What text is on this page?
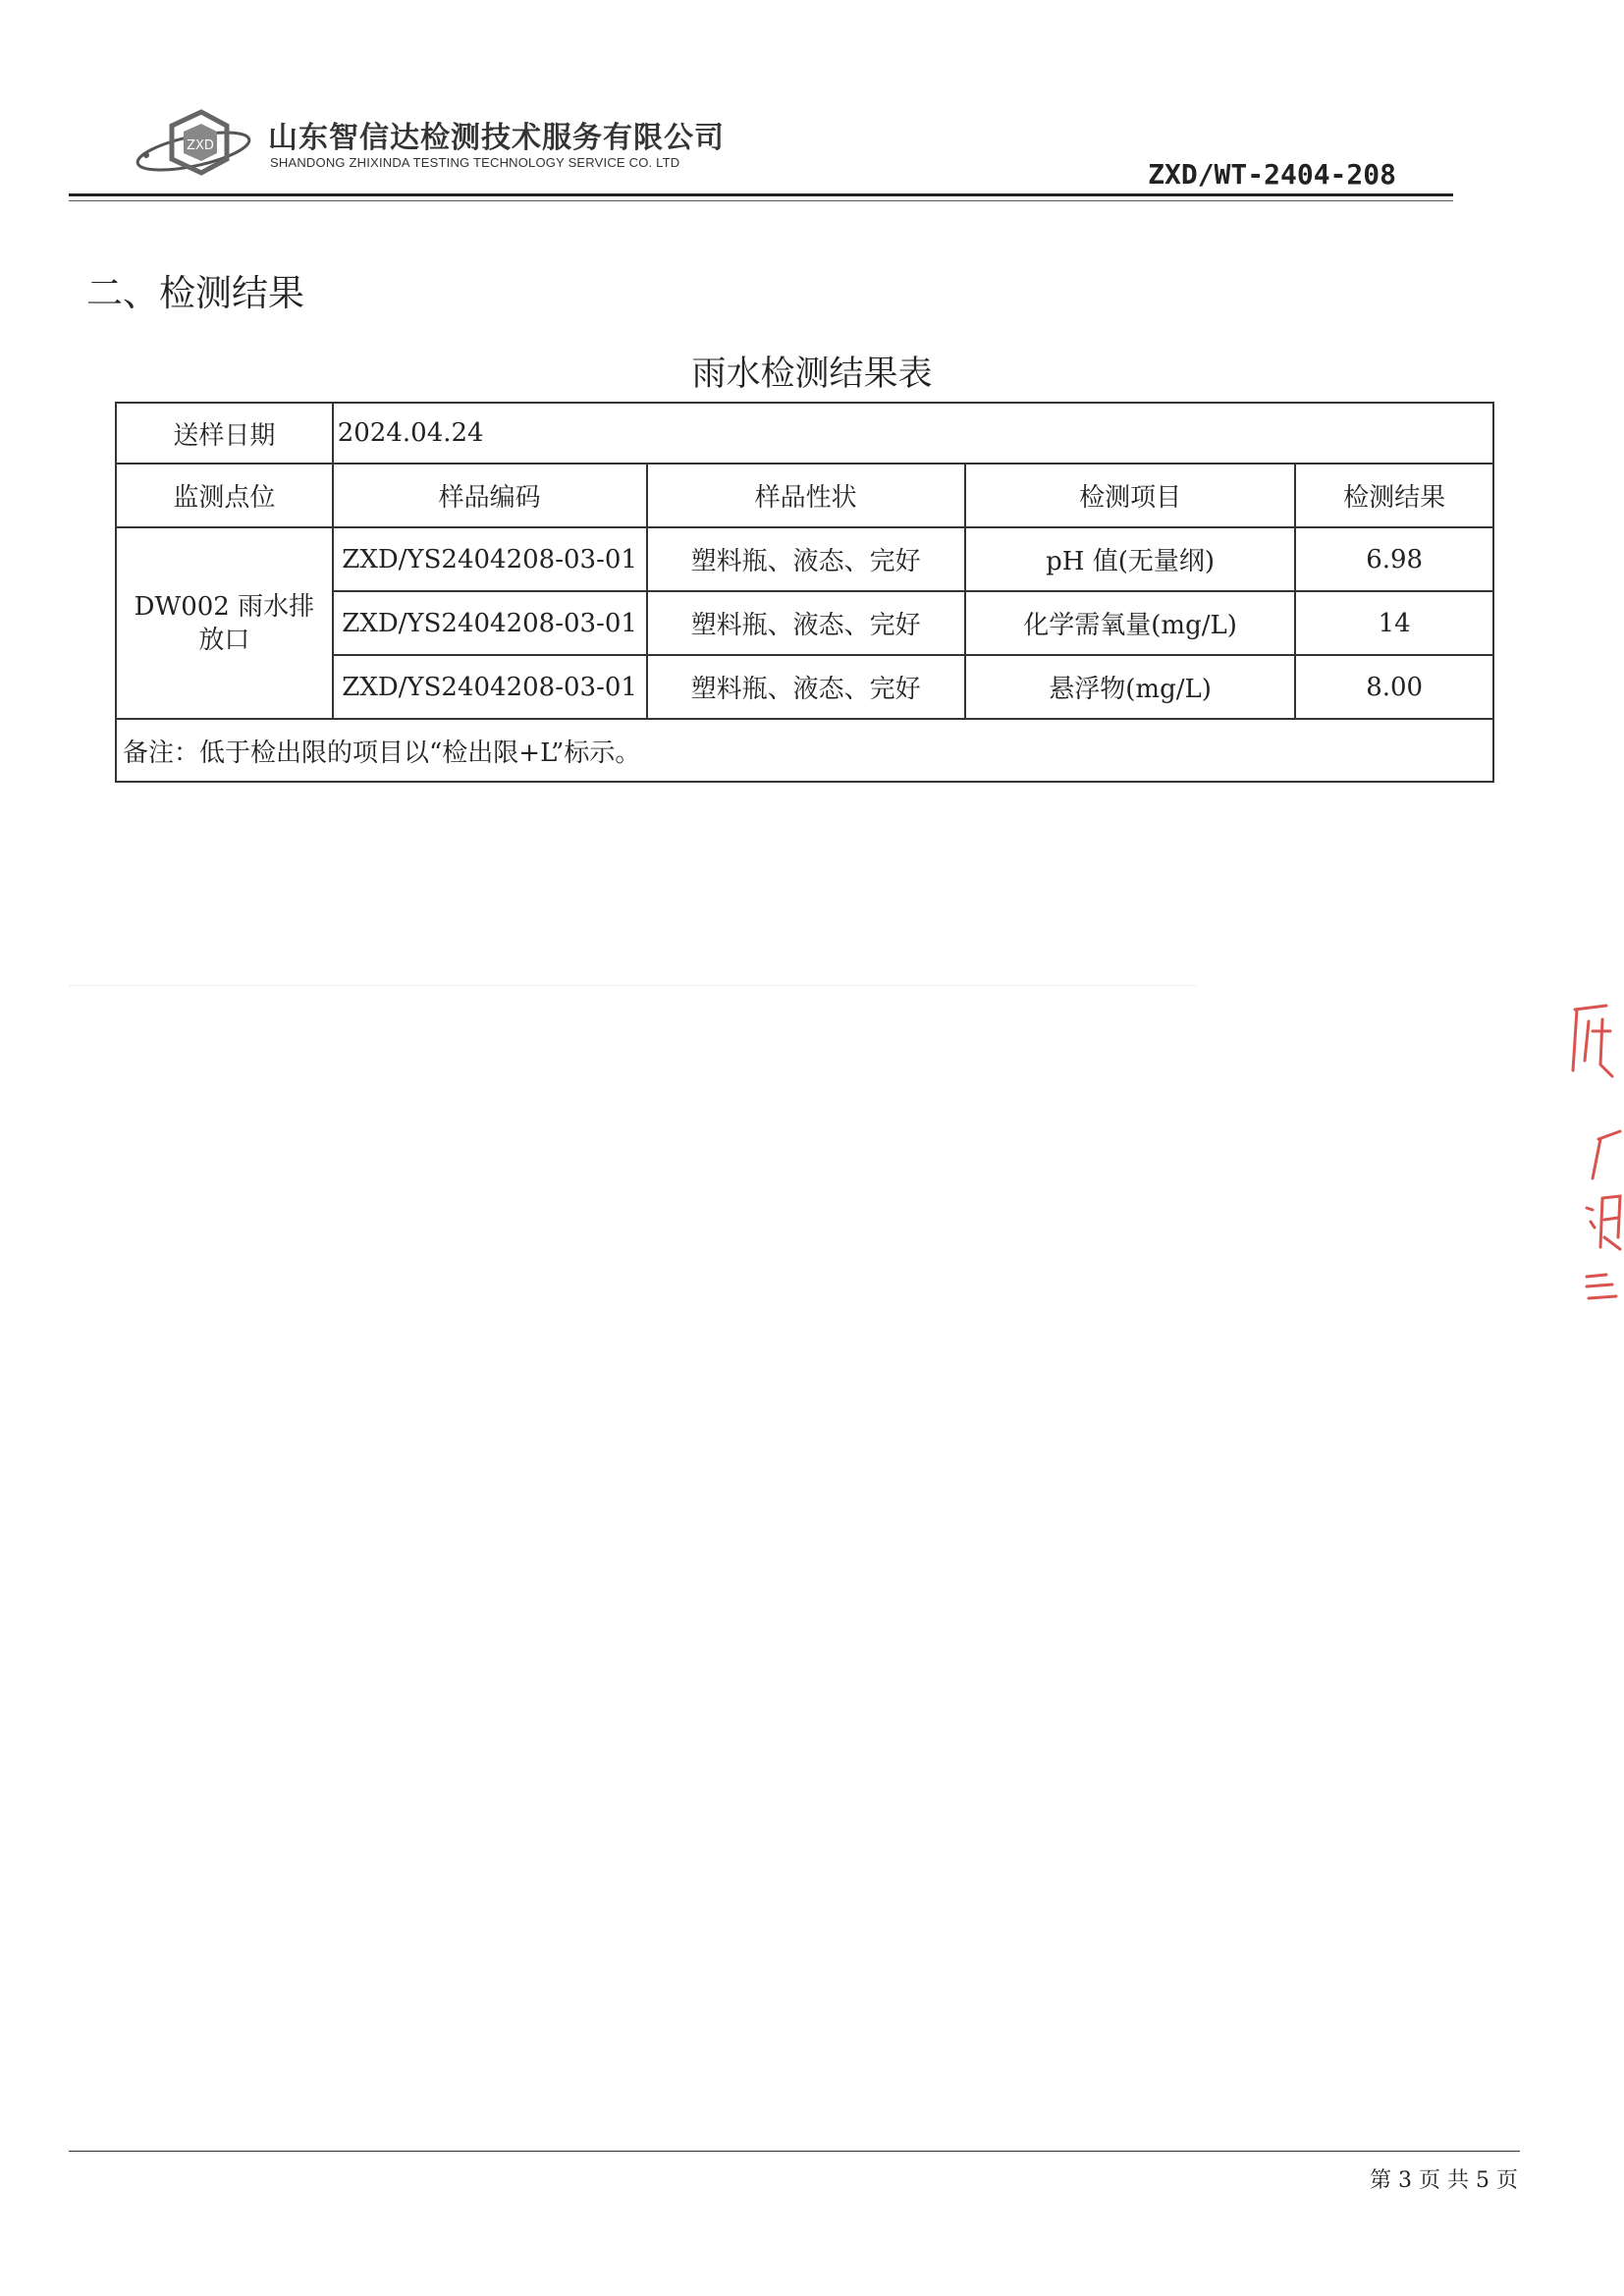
ZXD 山东智信达检测技术服务有限公司
SHANDONG ZHIXINDA TESTING TECHNOLOGY SERVICE CO. LTD	ZXD/WT-2404-208
二、检测结果
雨水检测结果表
送样日期	2024.04.24			
监测点位	样品编码	样品性状	检测项目	检测结果

DW002 雨水排
放口	ZXD/YS2404208-03-01	塑料瓶、液态、完好	pH 值(无量纲)	6.98
	ZXD/YS2404208-03-01	塑料瓶、液态、完好	化学需氧量(mg/L)	14
	ZXD/YS2404208-03-01	塑料瓶、液态、完好	悬浮物(mg/L)	8.00
备注：低于检出限的项目以“检出限+L”标示。				
第 3 页 共 5 页
